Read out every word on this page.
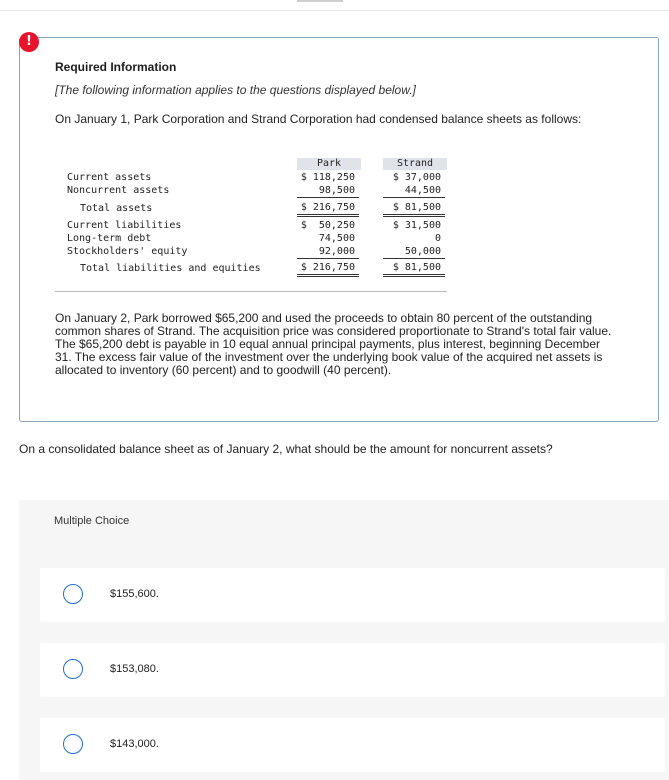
!
Required Information
[The following information applies to the questions displayed below.]
On January 1, Park Corporation and Strand Corporation had condensed balance sheets as follows:
Park	Strand
Current assets	$ 118,250	$ 37,000
Noncurrent assets	98,500	44,500
Total assets	$ 216,750	$ 81,500
Current liabilities	$  50,250	$ 31,500
Long-term debt	74,500	0
Stockholders' equity	92,000	50,000
Total liabilities and equities	$ 216,750	$ 81,500
On January 2, Park borrowed $65,200 and used the proceeds to obtain 80 percent of the outstanding common shares of Strand. The acquisition price was considered proportionate to Strand's total fair value. The $65,200 debt is payable in 10 equal annual principal payments, plus interest, beginning December 31. The excess fair value of the investment over the underlying book value of the acquired net assets is allocated to inventory (60 percent) and to goodwill (40 percent).
On a consolidated balance sheet as of January 2, what should be the amount for noncurrent assets?
Multiple Choice
$155,600.
$153,080.
$143,000.
